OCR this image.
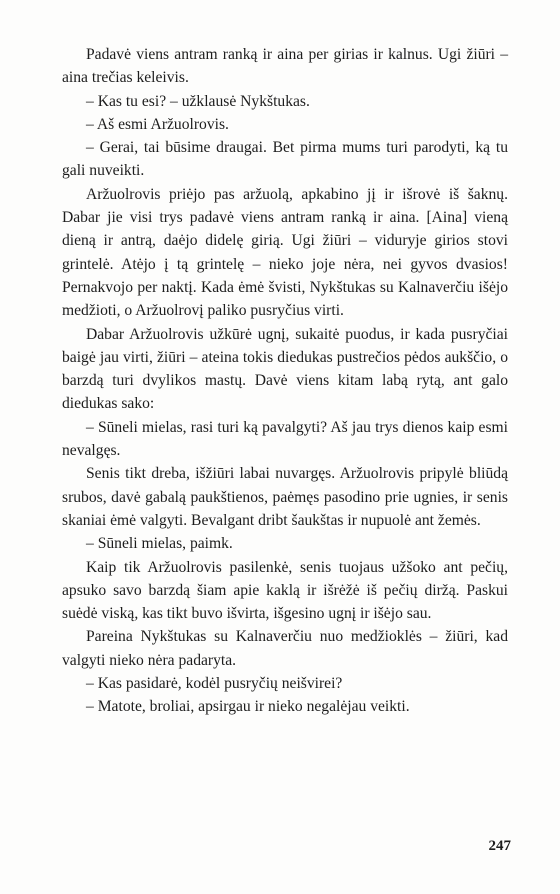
Padavė viens antram ranką ir aina per girias ir kalnus. Ugi žiūri – aina trečias keleivis.

– Kas tu esi? – užklausė Nykštukas.

– Aš esmi Aržuolrovis.

– Gerai, tai būsime draugai. Bet pirma mums turi parodyti, ką tu gali nuveikti.

Aržuolrovis priėjo pas aržuolą, apkabino jį ir išrovė iš šaknų. Dabar jie visi trys padavė viens antram ranką ir aina. [Aina] vieną dieną ir antrą, daėjo didelę girią. Ugi žiūri – viduryje girios stovi grintelė. Atėjo į tą grintelę – nieko joje nėra, nei gyvos dvasios! Pernakvojo per naktį. Kada ėmė švisti, Nykštukas su Kalnaverčiu išėjo medžioti, o Aržuolrovį paliko pusryčius virti.

Dabar Aržuolrovis užkūrė ugnį, sukaitė puodus, ir kada pusryčiai baigė jau virti, žiūri – ateina tokis diedukas pustrečios pėdos aukščio, o barzdą turi dvylikos mastų. Davė viens kitam labą rytą, ant galo diedukas sako:

– Sūneli mielas, rasi turi ką pavalgyti? Aš jau trys dienos kaip esmi nevalgęs.

Senis tikt dreba, išžiūri labai nuvargęs. Aržuolrovis pripylė bliūdą srubos, davė gabalą paukštienos, paėmęs pasodino prie ugnies, ir senis skaniai ėmė valgyti. Bevalgant dribt šaukštas ir nupuolė ant žemės.

– Sūneli mielas, paimk.

Kaip tik Aržuolrovis pasilenkė, senis tuojaus užšoko ant pečių, apsuko savo barzdą šiam apie kaklą ir išrėžė iš pečių diržą. Paskui suėdė viską, kas tikt buvo išvirta, išgesino ugnį ir išėjo sau.

Pareina Nykštukas su Kalnaverčiu nuo medžioklės – žiūri, kad valgyti nieko nėra padaryta.

– Kas pasidarė, kodėl pusryčių neišvirei?

– Matote, broliai, apsirgau ir nieko negalėjau veikti.

247
